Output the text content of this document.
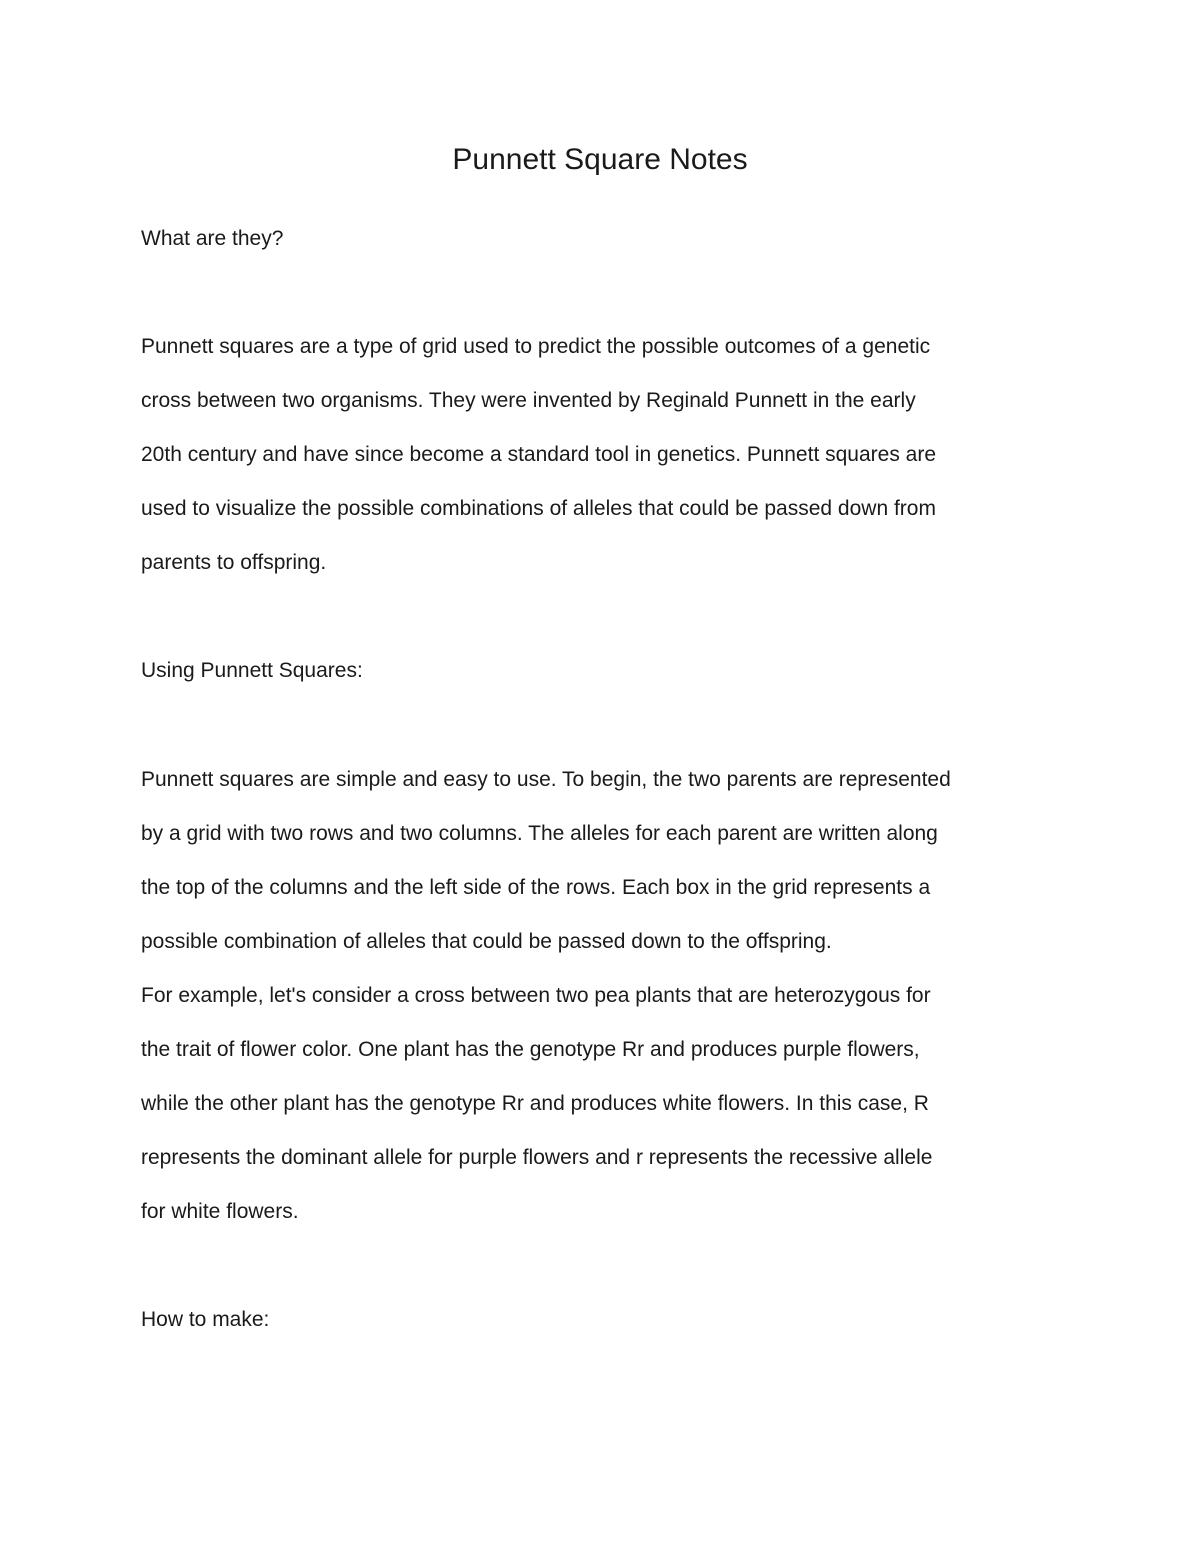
Punnett Square Notes

What are they?

Punnett squares are a type of grid used to predict the possible outcomes of a genetic

cross between two organisms. They were invented by Reginald Punnett in the early

20th century and have since become a standard tool in genetics. Punnett squares are

used to visualize the possible combinations of alleles that could be passed down from

parents to offspring.

Using Punnett Squares:

Punnett squares are simple and easy to use. To begin, the two parents are represented

by a grid with two rows and two columns. The alleles for each parent are written along

the top of the columns and the left side of the rows. Each box in the grid represents a

possible combination of alleles that could be passed down to the offspring.

For example, let's consider a cross between two pea plants that are heterozygous for

the trait of flower color. One plant has the genotype Rr and produces purple flowers,

while the other plant has the genotype Rr and produces white flowers. In this case, R

represents the dominant allele for purple flowers and r represents the recessive allele

for white flowers.

How to make:
